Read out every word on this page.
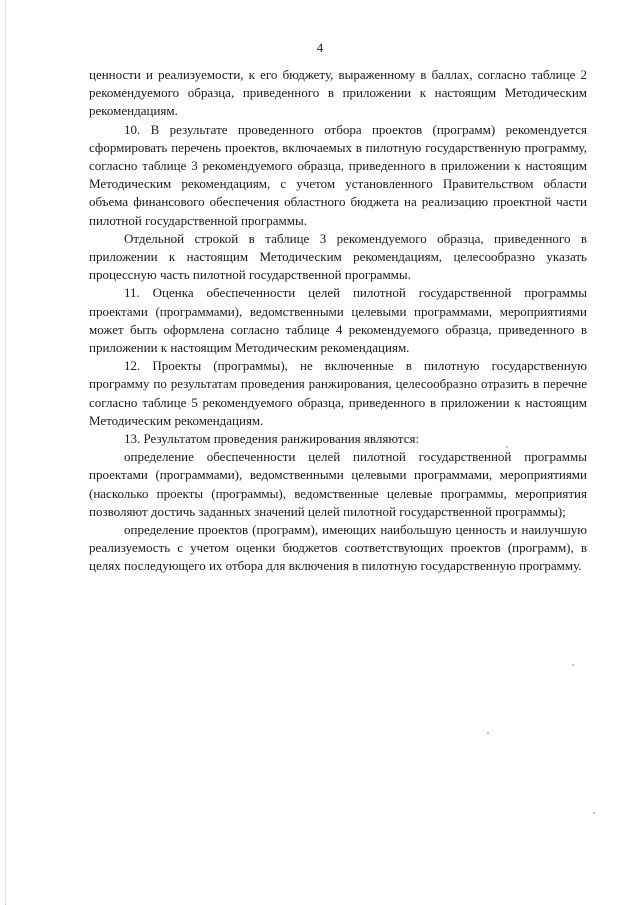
4

ценности и реализуемости, к его бюджету, выраженному в баллах, согласно таблице 2 рекомендуемого образца, приведенного в приложении к настоящим Методическим рекомендациям.

10. В результате проведенного отбора проектов (программ) рекомендуется сформировать перечень проектов, включаемых в пилотную государственную программу, согласно таблице 3 рекомендуемого образца, приведенного в приложении к настоящим Методическим рекомендациям, с учетом установленного Правительством области объема финансового обеспечения областного бюджета на реализацию проектной части пилотной государственной программы.

Отдельной строкой в таблице 3 рекомендуемого образца, приведенного в приложении к настоящим Методическим рекомендациям, целесообразно указать процессную часть пилотной государственной программы.

11. Оценка обеспеченности целей пилотной государственной программы проектами (программами), ведомственными целевыми программами, мероприятиями может быть оформлена согласно таблице 4 рекомендуемого образца, приведенного в приложении к настоящим Методическим рекомендациям.

12. Проекты (программы), не включенные в пилотную государственную программу по результатам проведения ранжирования, целесообразно отразить в перечне согласно таблице 5 рекомендуемого образца, приведенного в приложении к настоящим Методическим рекомендациям.

13. Результатом проведения ранжирования являются:

определение обеспеченности целей пилотной государственной программы проектами (программами), ведомственными целевыми программами, мероприятиями (насколько проекты (программы), ведомственные целевые программы, мероприятия позволяют достичь заданных значений целей пилотной государственной программы);

определение проектов (программ), имеющих наибольшую ценность и наилучшую реализуемость с учетом оценки бюджетов соответствующих проектов (программ), в целях последующего их отбора для включения в пилотную государственную программу.
